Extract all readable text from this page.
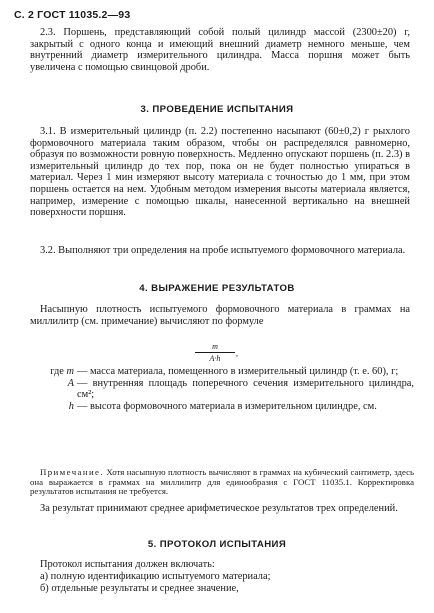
С. 2 ГОСТ 11035.2—93

2.3. Поршень, представляющий собой полый цилиндр массой (2300±20) г, закрытый с одного конца и имеющий внешний диаметр немного меньше, чем внутренний диаметр измерительного цилиндра. Масса поршня может быть увеличена с помощью свинцовой дроби.

3. ПРОВЕДЕНИЕ ИСПЫТАНИЯ

3.1. В измерительный цилиндр (п. 2.2) постепенно насыпают (60±0,2) г рыхлого формовочного материала таким образом, чтобы он распределялся равномерно, образуя по возможности ровную поверхность. Медленно опускают поршень (п. 2.3) в измерительный цилиндр до тех пор, пока он не будет полностью упираться в материал. Через 1 мин измеряют высоту материала с точностью до 1 мм, при этом поршень остается на нем. Удобным методом измерения высоты материала является, например, измерение с помощью шкалы, нанесенной вертикально на внешней поверхности поршня.

3.2. Выполняют три определения на пробе испытуемого формовочного материала.

4. ВЫРАЖЕНИЕ РЕЗУЛЬТАТОВ

Насыпную плотность испытуемого формовочного материала в граммах на миллилитр (см. примечание) вычисляют по формуле

m
A·h
,
где m — масса материала, помещенного в измерительный цилиндр (т. е. 60), г;
A — внутренняя площадь поперечного сечения измерительного цилиндра, см²;
h — высота формовочного материала в измерительном цилиндре, см.
Примечание. Хотя насыпную плотность вычисляют в граммах на кубический сантиметр, здесь она выражается в граммах на миллилитр для единообразия с ГОСТ 11035.1. Корректировка результатов испытания не требуется.

За результат принимают среднее арифметическое результатов трех определений.

5. ПРОТОКОЛ ИСПЫТАНИЯ

Протокол испытания должен включать:

а) полную идентификацию испытуемого материала;

б) отдельные результаты и среднее значение,
